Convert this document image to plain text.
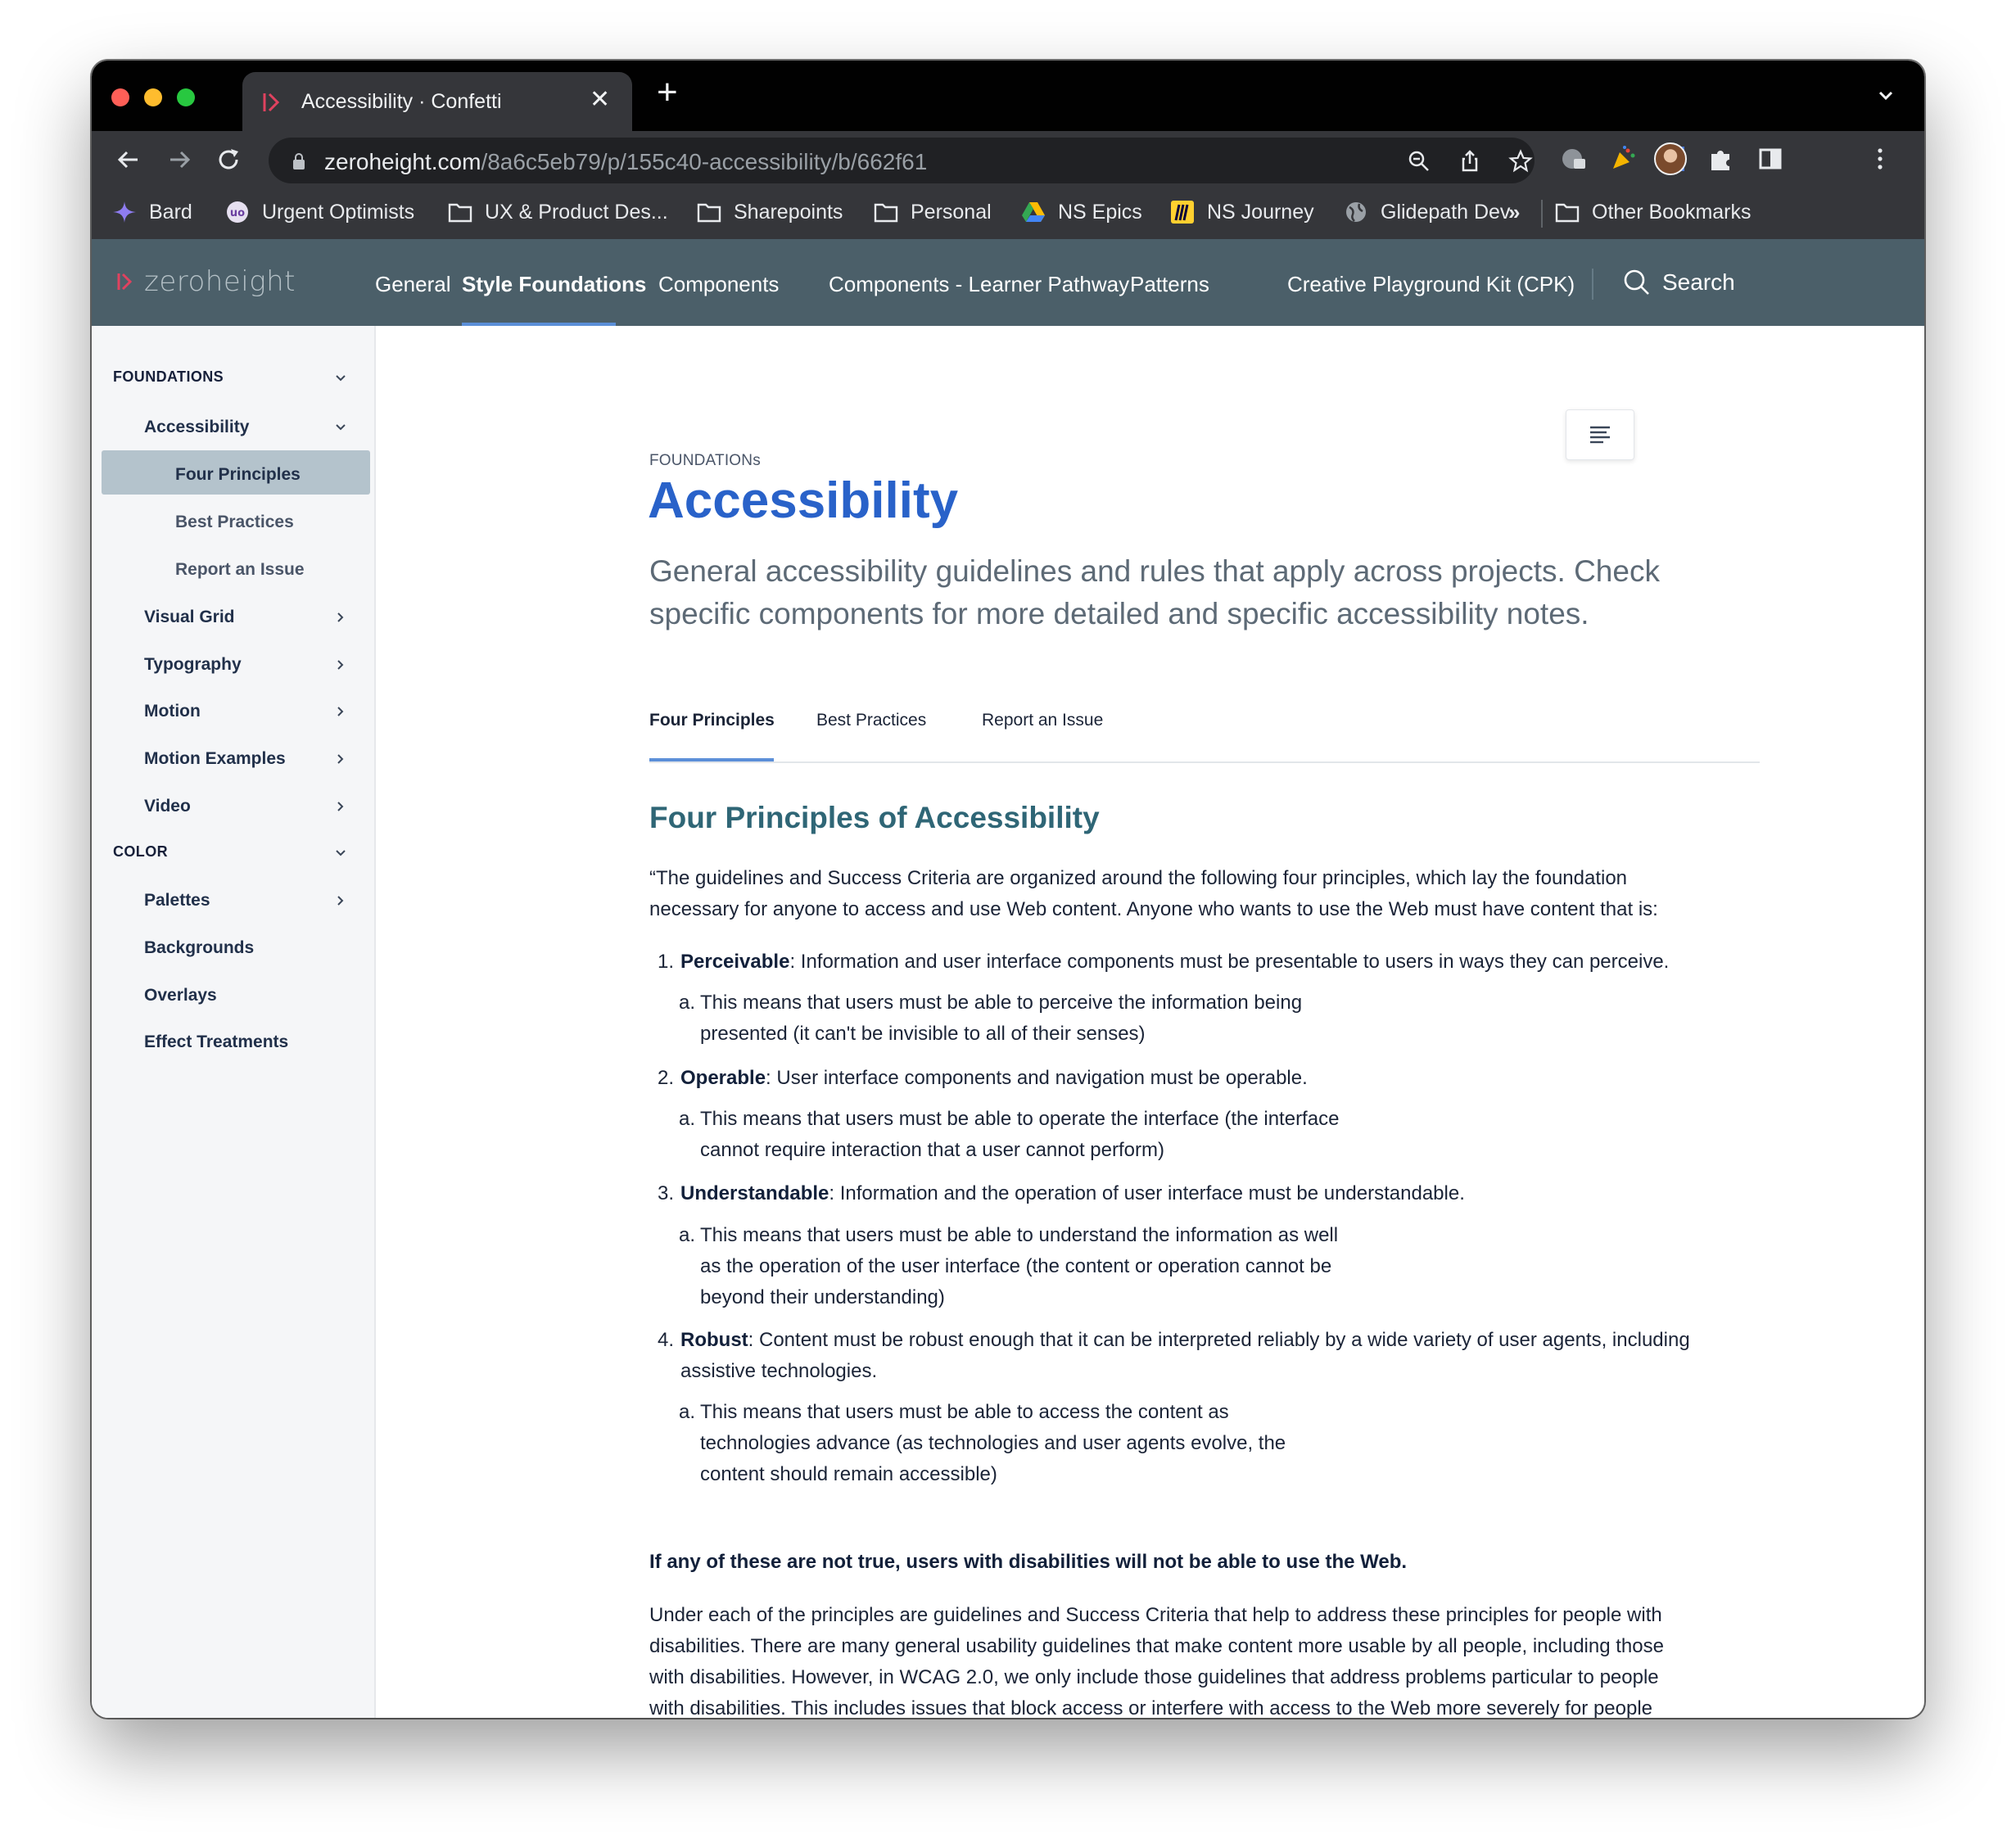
Accessibility · Confetti	✕ +
zeroheight.com/8a6c5eb79/p/155c40-accessibility/b/662f61
Bard	uo Urgent Optimists	UX & Product Des...	Sharepoints	Personal	NS Epics	NS Journey	Glidepath Dev
»	Other Bookmarks
zeroheight	General Style Foundations Components Components - Learner Pathway Patterns	Creative Playground Kit (CPK)	Search
FOUNDATIONS
Accessibility
Four Principles
Best Practices
Report an Issue
Visual Grid
Typography
Motion
Motion Examples
Video
COLOR
Palettes
Backgrounds
Overlays
Effect Treatments
FOUNDATIONs
Accessibility
General accessibility guidelines and rules that apply across projects. Check
specific components for more detailed and specific accessibility notes.
Four Principles Best Practices	Report an Issue
Four Principles of Accessibility
“The guidelines and Success Criteria are organized around the following four principles, which lay the foundation
necessary for anyone to access and use Web content. Anyone who wants to use the Web must have content that is:
1. Perceivable: Information and user interface components must be presentable to users in ways they can perceive.
a. This means that users must be able to perceive the information being
presented (it can't be invisible to all of their senses)
2. Operable: User interface components and navigation must be operable.
a. This means that users must be able to operate the interface (the interface
cannot require interaction that a user cannot perform)
3. Understandable: Information and the operation of user interface must be understandable.
a. This means that users must be able to understand the information as well
as the operation of the user interface (the content or operation cannot be
beyond their understanding)
4. Robust: Content must be robust enough that it can be interpreted reliably by a wide variety of user agents, including
assistive technologies.
a. This means that users must be able to access the content as
technologies advance (as technologies and user agents evolve, the
content should remain accessible)
If any of these are not true, users with disabilities will not be able to use the Web.
Under each of the principles are guidelines and Success Criteria that help to address these principles for people with
disabilities. There are many general usability guidelines that make content more usable by all people, including those
with disabilities. However, in WCAG 2.0, we only include those guidelines that address problems particular to people
with disabilities. This includes issues that block access or interfere with access to the Web more severely for people
